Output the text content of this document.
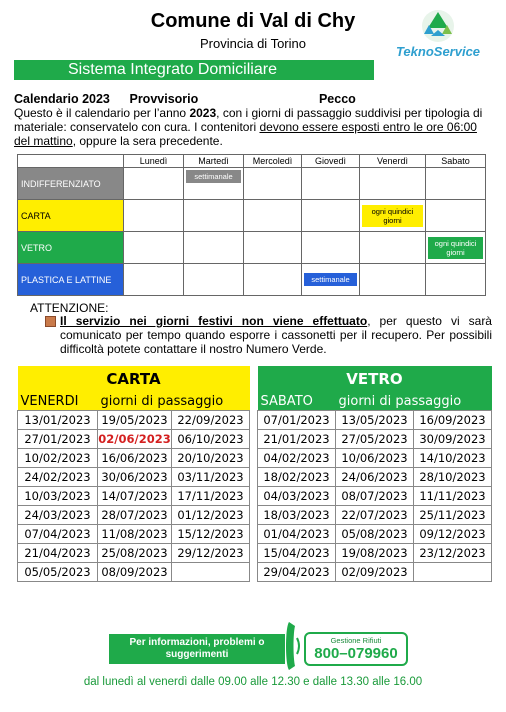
Comune di Val di Chy
Provincia di Torino
TeknoService
Sistema Integrato Domiciliare
Calendario 2023 Provvisorio	Pecco
Questo è il calendario per l’anno 2023, con i giorni di passaggio suddivisi per tipologia di materiale: conservatelo con cura. I contenitori devono essere esposti entro le ore 06:00 del mattino, oppure la sera precedente.
	Lunedì	Martedì	Mercoledì	Giovedì	Venerdì	Sabato
INDIFFERENZIATO		settimanale				

CARTA					ogni quindici giorni	

VETRO						ogni quindici giorni

PLASTICA E LATTINE				settimanale		

ATTENZIONE:
Il servizio nei giorni festivi non viene effettuato, per questo vi sarà comunicato per tempo quando esporre i cassonetti per il recupero. Per possibili difficoltà potete contattare il nostro Numero Verde.
CARTA		
VENERDI	giorni di passaggio	
13/01/2023	19/05/2023	22/09/2023
27/01/2023	02/06/2023	06/10/2023
10/02/2023	16/06/2023	20/10/2023
24/02/2023	30/06/2023	03/11/2023
10/03/2023	14/07/2023	17/11/2023
24/03/2023	28/07/2023	01/12/2023
07/04/2023	11/08/2023	15/12/2023
21/04/2023	25/08/2023	29/12/2023
05/05/2023	08/09/2023	
VETRO		
SABATO	giorni di passaggio	
07/01/2023	13/05/2023	16/09/2023
21/01/2023	27/05/2023	30/09/2023
04/02/2023	10/06/2023	14/10/2023
18/02/2023	24/06/2023	28/10/2023
04/03/2023	08/07/2023	11/11/2023
18/03/2023	22/07/2023	25/11/2023
01/04/2023	05/08/2023	09/12/2023
15/04/2023	19/08/2023	23/12/2023
29/04/2023	02/09/2023	
Per informazioni, problemi o suggerimenti
Gestione Rifiuti
800–079960
dal lunedì al venerdì dalle 09.00 alle 12.30 e dalle 13.30 alle 16.00
